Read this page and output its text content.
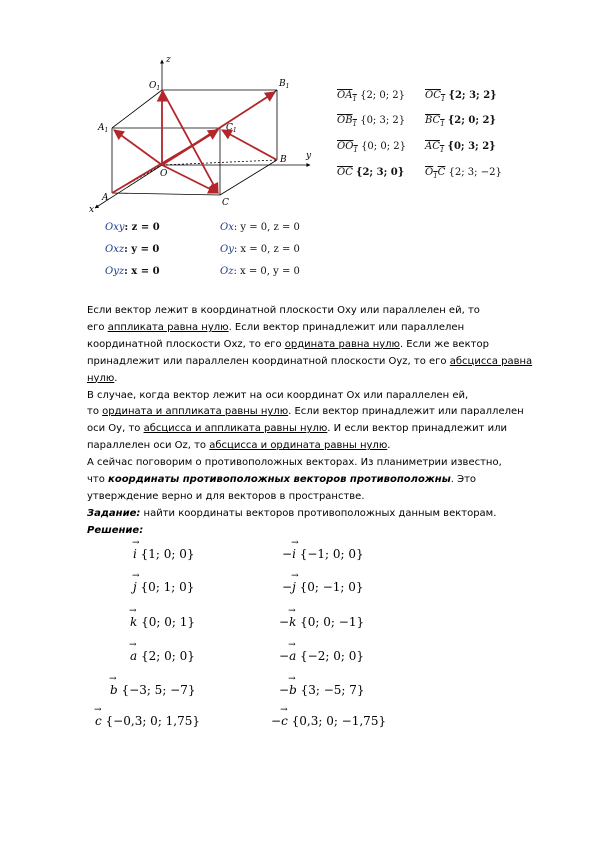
z
y
x
$O_1$	$B_1$
$A_1$	$C_1$
O
B
A	C
$OA_1$ {2; 0; 2} $OC_1$ {2; 3; 2}
$OB_1$ {0; 3; 2} $BC_1$ {2; 0; 2}
$OO_1$ {0; 0; 2} $AC_1$ {0; 3; 2}
$\overline{OC}$ {2; 3; 0} $O_1C$ {2; 3; −2}
Oxy: z = 0	Ox: y = 0, z = 0
Oxz: y = 0	Oy: x = 0, z = 0
Oyz: x = 0	Oz: x = 0, y = 0

Если вектор лежит в координатной плоскости Oxy или параллелен ей, то
его аппликата равна нулю. Если вектор принадлежит или параллелен
координатной плоскости Oxz, то его ордината равна нулю. Если же вектор
принадлежит или параллелен координатной плоскости Oyz, то его абсцисса равна
нулю.

В случае, когда вектор лежит на оси координат Ox или параллелен ей,
то ордината и аппликата равны нулю. Если вектор принадлежит или параллелен
оси Oy, то абсцисса и аппликата равны нулю. И если вектор принадлежит или
параллелен оси Oz, то абсцисса и ордината равны нулю.

А сейчас поговорим о противоположных векторах. Из планиметрии известно,
что координаты противоположных векторов противоположны. Это
утверждение верно и для векторов в пространстве.

Задание: найти координаты векторов противоположных данным векторам.

Решение:

→ i {1; 0; 0}	−→ i {−1; 0; 0}
→ j {0; 1; 0}	−→ j {0; −1; 0}
→ k {0; 0; 1}	−→ k {0; 0; −1}
→ a {2; 0; 0}	−→ a {−2; 0; 0}
→ b {−3; 5; −7}	−→ b {3; −5; 7}
→ c {−0,3; 0; 1,75}	−→ c {0,3; 0; −1,75}
